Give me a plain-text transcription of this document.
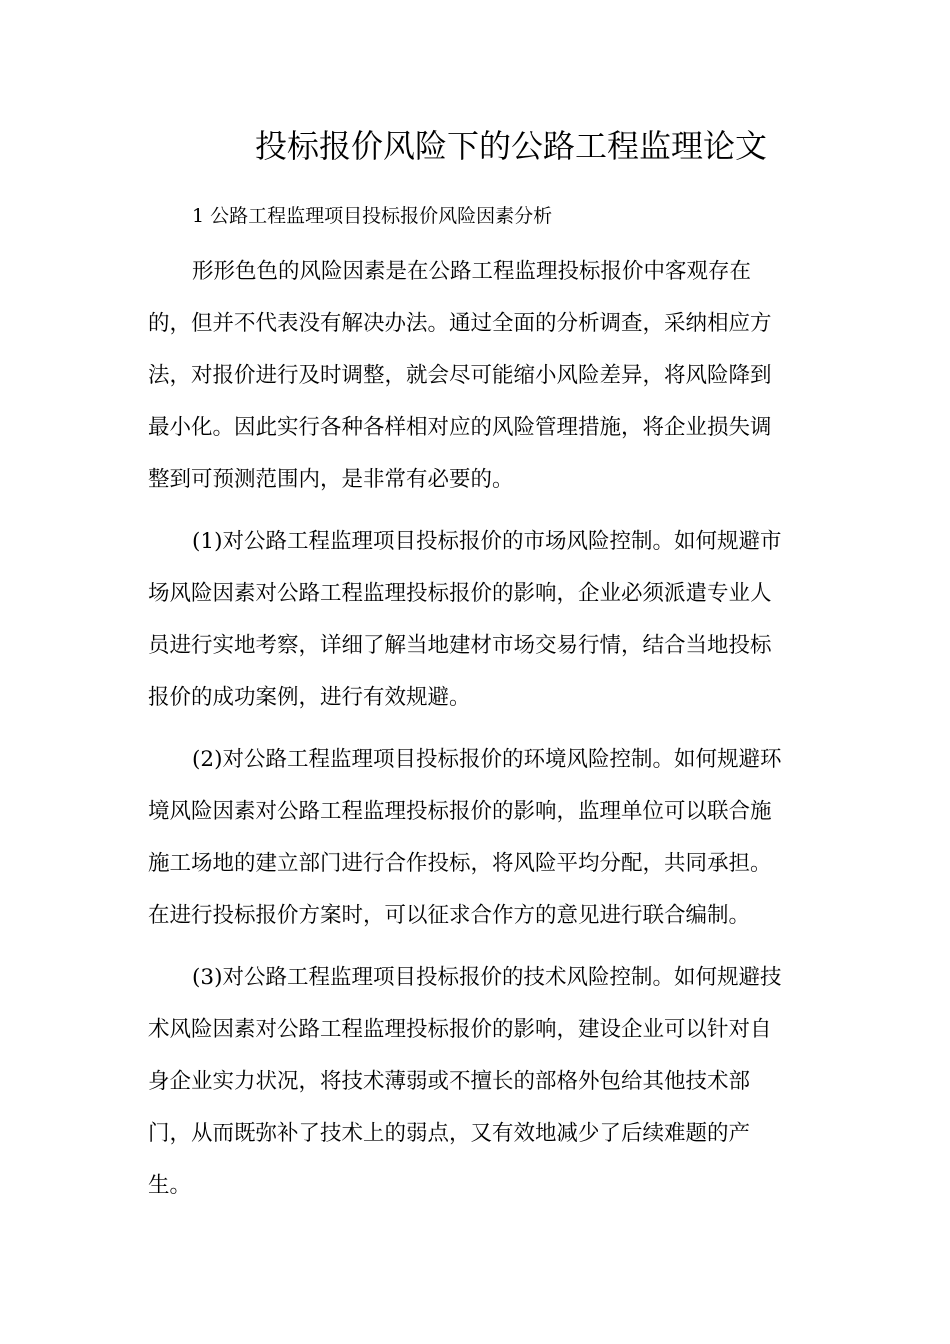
投标报价风险下的公路工程监理论文

1 公路工程监理项目投标报价风险因素分析

形形色色的风险因素是在公路工程监理投标报价中客观存在
的，但并不代表没有解决办法。通过全面的分析调查，采纳相应方
法，对报价进行及时调整，就会尽可能缩小风险差异，将风险降到
最小化。因此实行各种各样相对应的风险管理措施，将企业损失调
整到可预测范围内，是非常有必要的。
(1)对公路工程监理项目投标报价的市场风险控制。如何规避市
场风险因素对公路工程监理投标报价的影响，企业必须派遣专业人
员进行实地考察，详细了解当地建材市场交易行情，结合当地投标
报价的成功案例，进行有效规避。
(2)对公路工程监理项目投标报价的环境风险控制。如何规避环
境风险因素对公路工程监理投标报价的影响，监理单位可以联合施
施工场地的建立部门进行合作投标，将风险平均分配，共同承担。
在进行投标报价方案时，可以征求合作方的意见进行联合编制。
(3)对公路工程监理项目投标报价的技术风险控制。如何规避技
术风险因素对公路工程监理投标报价的影响，建设企业可以针对自
身企业实力状况，将技术薄弱或不擅长的部格外包给其他技术部
门，从而既弥补了技术上的弱点，又有效地减少了后续难题的产
生。
